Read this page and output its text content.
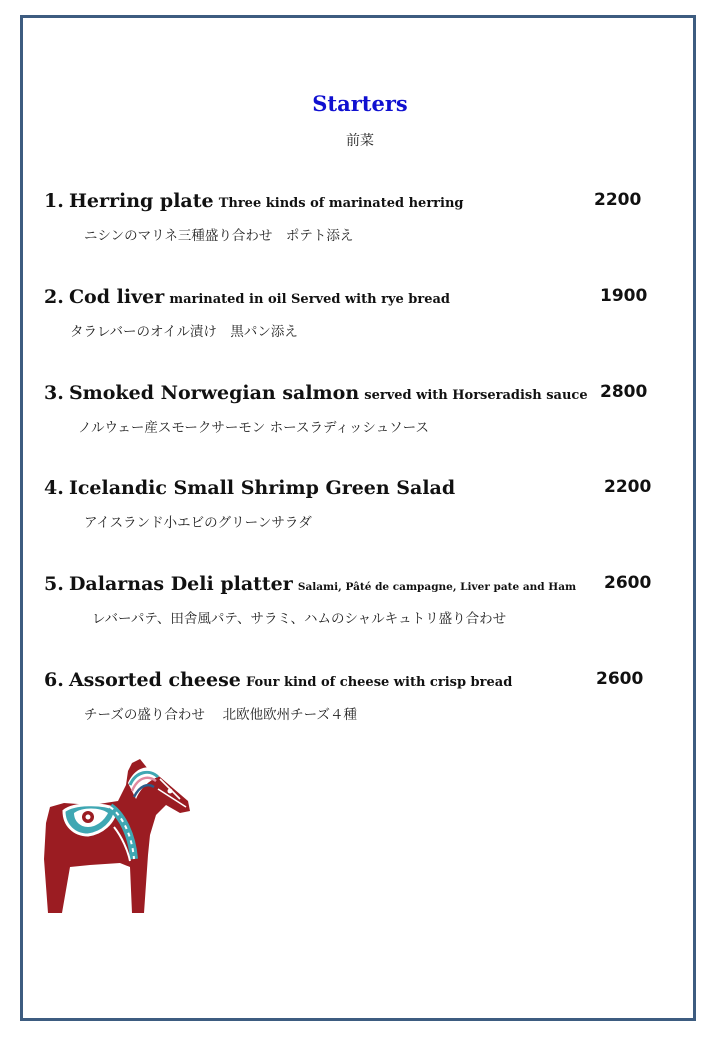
Starters
前菜
1. Herring plate Three kinds of marinated herring	2200
ニシンのマリネ三種盛り合わせ　ポテト添え
2. Cod liver marinated in oil Served with rye bread	1900
タラレバーのオイル漬け　黒パン添え
3. Smoked Norwegian salmon served with Horseradish sauce 2800
ノルウェー産スモークサーモン ホースラディッシュソース
4. Icelandic Small Shrimp Green Salad	2200
アイスランド小エビのグリーンサラダ
5. Dalarnas Deli platter Salami, Pâté de campagne, Liver pate and Ham 2600
レバーパテ、田舎風パテ、サラミ、ハムのシャルキュトリ盛り合わせ
6. Assorted cheese Four kind of cheese with crisp bread	2600
チーズの盛り合わせ　 北欧他欧州チーズ４種
